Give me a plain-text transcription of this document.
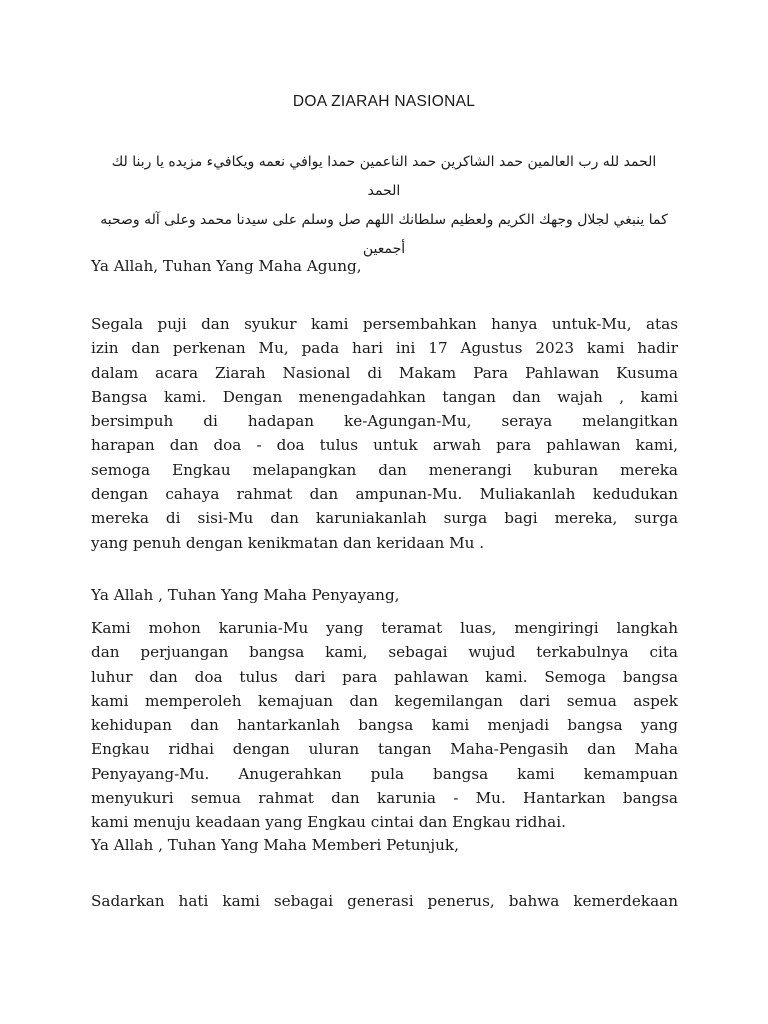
DOA ZIARAH NASIONAL

الحمد لله رب العالمين حمد الشاكرين حمد الناعمين حمدا يوافي نعمه ويكافيء مزيده يا ربنا لك الحمد

كما ينبغي لجلال وجهك الكريم ولعظيم سلطانك اللهم صل وسلم على سيدنا محمد وعلى آله وصحبه

أجمعين

Ya Allah, Tuhan Yang Maha Agung,
Segala puji dan syukur kami persembahkan hanya untuk-Mu, atas
izin dan perkenan Mu, pada hari ini 17 Agustus 2023 kami hadir
dalam acara Ziarah Nasional di Makam Para Pahlawan Kusuma
Bangsa kami. Dengan menengadahkan tangan dan wajah , kami
bersimpuh di hadapan ke-Agungan-Mu, seraya melangitkan
harapan dan doa - doa tulus untuk arwah para pahlawan kami,
semoga Engkau melapangkan dan menerangi kuburan mereka
dengan cahaya rahmat dan ampunan-Mu. Muliakanlah kedudukan
mereka di sisi-Mu dan karuniakanlah surga bagi mereka, surga
yang penuh dengan kenikmatan dan keridaan Mu .
Ya Allah , Tuhan Yang Maha Penyayang,
Kami mohon karunia-Mu yang teramat luas, mengiringi langkah
dan perjuangan bangsa kami, sebagai wujud terkabulnya cita
luhur dan doa tulus dari para pahlawan kami. Semoga bangsa
kami memperoleh kemajuan dan kegemilangan dari semua aspek
kehidupan dan hantarkanlah bangsa kami menjadi bangsa yang
Engkau ridhai dengan uluran tangan Maha-Pengasih dan Maha
Penyayang-Mu. Anugerahkan pula bangsa kami kemampuan
menyukuri semua rahmat dan karunia - Mu. Hantarkan bangsa
kami menuju keadaan yang Engkau cintai dan Engkau ridhai.
Ya Allah , Tuhan Yang Maha Memberi Petunjuk,
Sadarkan hati kami sebagai generasi penerus, bahwa kemerdekaan
